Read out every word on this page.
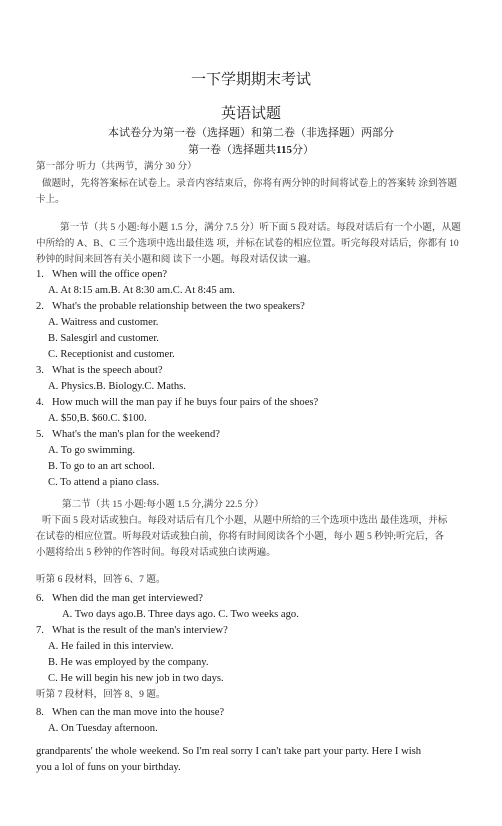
一下学期期末考试
英语试题
本试卷分为第一卷（选择题）和第二卷（非选择题）两部分
第一卷（选择题共115分）
第一部分 听力（共两节，满分 30 分）
做题时，先将答案标在试卷上。录音内容结束后，你将有两分钟的时间将试卷上的答案转 涂到答题
卡上。
第一节（共 5 小题:每小题 1.5 分，满分 7.5 分）听下面 5 段对话。每段对话后有一个小题，从题
中所给的 A、B、C 三个选项中选出最佳选 项，并标在试卷的相应位置。听完每段对话后，你都有 10
秒钟的时间来回答有关小题和阅 读下一小题。每段对话仅读一遍。
1. When will the office open?
A. At 8:15 am.B. At 8:30 am.C. At 8:45 am.
2. What's the probable relationship between the two speakers?
A. Waitress and customer.
B. Salesgirl and customer.
C. Receptionist and customer.
3. What is the speech about?
A. Physics.B. Biology.C. Maths.
4. How much will the man pay if he buys four pairs of the shoes?
A. $50,B. $60.C. $100.
5. What's the man's plan for the weekend?
A. To go swimming.
B. To go to an art school.
C. To attend a piano class.
第二节（共 15 小题:每小题 1.5 分,满分 22.5 分）
听下面 5 段对话或独白。每段对话后有几个小题，从题中所给的三个选项中选出 最佳选项，并标
在试卷的相应位置。听每段对话或独白前，你将有时间阅读各个小题，每小 题 5 秒钟;听完后，各
小题将给出 5 秒钟的作答时间。每段对话或独白读两遍。
听第 6 段材料，回答 6、7 题。
6. When did the man get interviewed?
A. Two days ago.B. Three days ago. C. Two weeks ago.
7. What is the result of the man's interview?
A. He failed in this interview.
B. He was employed by the company.
C. He will begin his new job in two days.
听第 7 段材料，回答 8、9 题。
8. When can the man move into the house?
A. On Tuesday afternoon.
grandparents' the whole weekend. So I'm real sorry I can't take part your party. Here I wish
you a lol of funs on your birthday.
